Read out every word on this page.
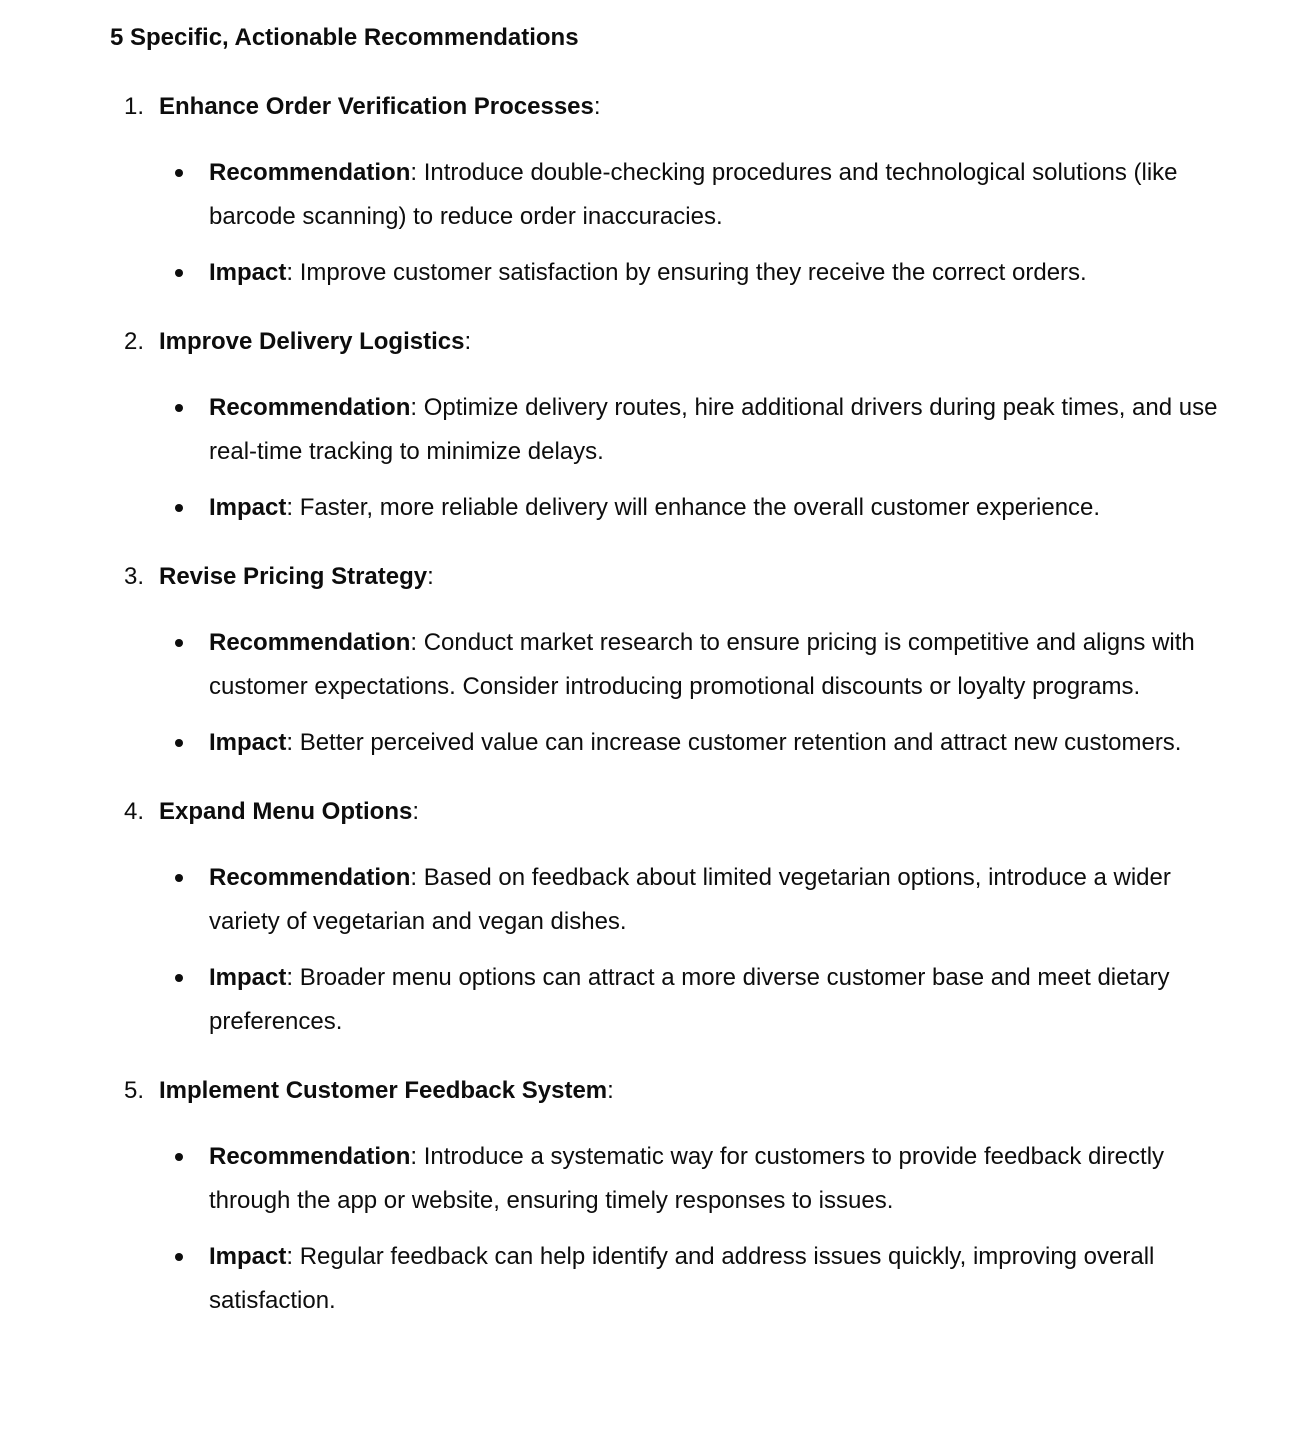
5 Specific, Actionable Recommendations
1. Enhance Order Verification Processes:
Recommendation: Introduce double-checking procedures and technological solutions (like barcode scanning) to reduce order inaccuracies.
Impact: Improve customer satisfaction by ensuring they receive the correct orders.
2. Improve Delivery Logistics:
Recommendation: Optimize delivery routes, hire additional drivers during peak times, and use real-time tracking to minimize delays.
Impact: Faster, more reliable delivery will enhance the overall customer experience.
3. Revise Pricing Strategy:
Recommendation: Conduct market research to ensure pricing is competitive and aligns with customer expectations. Consider introducing promotional discounts or loyalty programs.
Impact: Better perceived value can increase customer retention and attract new customers.
4. Expand Menu Options:
Recommendation: Based on feedback about limited vegetarian options, introduce a wider variety of vegetarian and vegan dishes.
Impact: Broader menu options can attract a more diverse customer base and meet dietary preferences.
5. Implement Customer Feedback System:
Recommendation: Introduce a systematic way for customers to provide feedback directly through the app or website, ensuring timely responses to issues.
Impact: Regular feedback can help identify and address issues quickly, improving overall satisfaction.
